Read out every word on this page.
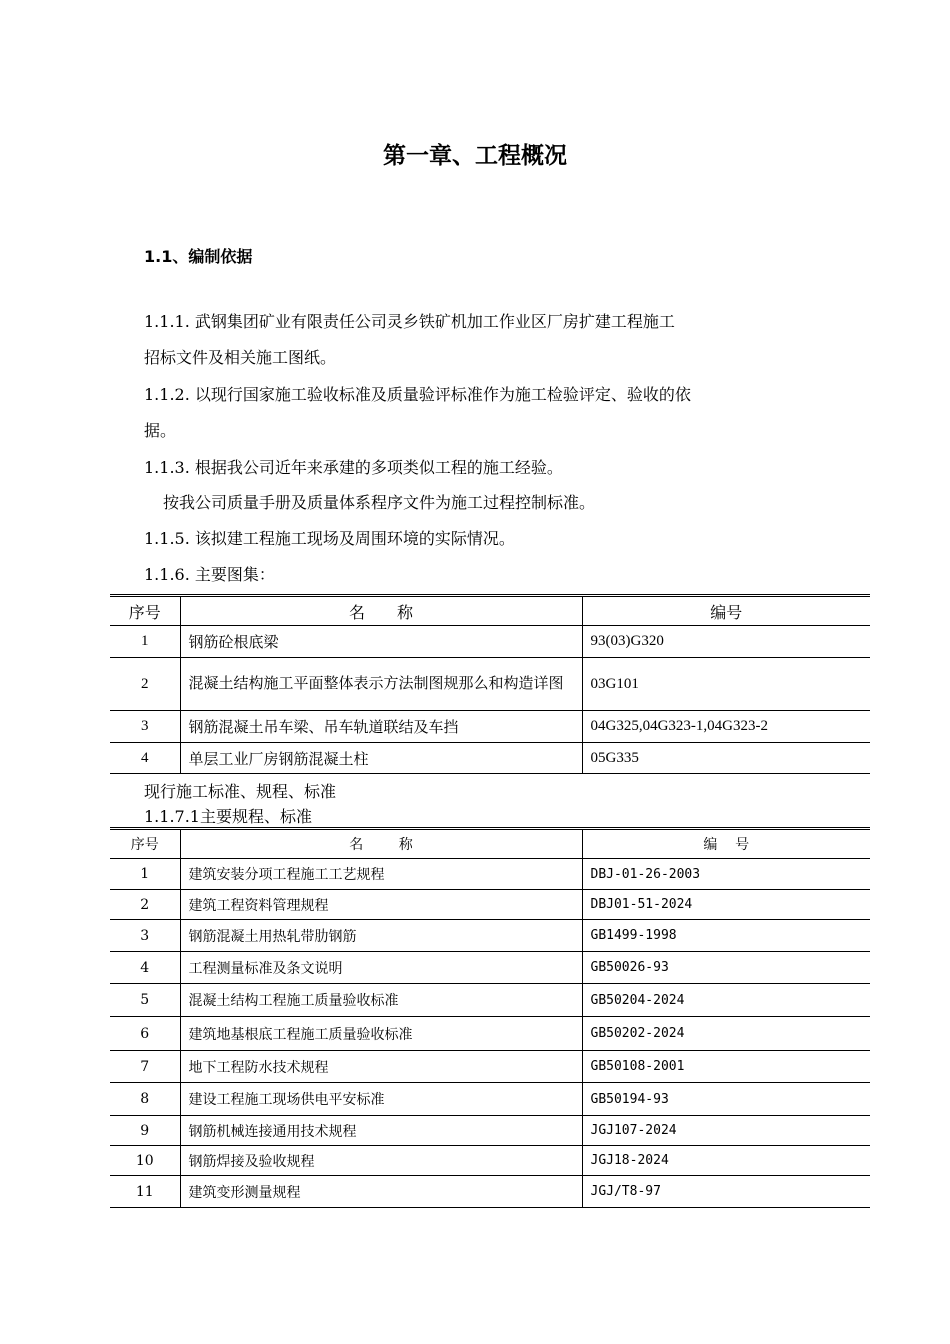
第一章、工程概况
1.1、编制依据
1.1.1. 武钢集团矿业有限责任公司灵乡铁矿机加工作业区厂房扩建工程施工
招标文件及相关施工图纸。
1.1.2. 以现行国家施工验收标准及质量验评标准作为施工检验评定、验收的依
据。
1.1.3. 根据我公司近年来承建的多项类似工程的施工经验。
按我公司质量手册及质量体系程序文件为施工过程控制标准。
1.1.5. 该拟建工程施工现场及周围环境的实际情况。
1.1.6. 主要图集：
序号	名        称	编号
1	钢筋砼根底梁	93(03)G320
2	混凝土结构施工平面整体表示方法制图规那么和构造详图	03G101
3	钢筋混凝土吊车梁、吊车轨道联结及车挡	04G325,04G323-1,04G323-2
4	单层工业厂房钢筋混凝土柱	05G335
现行施工标准、规程、标准
1.1.7.1主要规程、标准
序号	名        称	编    号
1	建筑安装分项工程施工工艺规程	DBJ-01-26-2003
2	建筑工程资料管理规程	DBJ01-51-2024
3	钢筋混凝土用热轧带肋钢筋	GB1499-1998
4	工程测量标准及条文说明	GB50026-93
5	混凝土结构工程施工质量验收标准	GB50204-2024
6	建筑地基根底工程施工质量验收标准	GB50202-2024
7	地下工程防水技术规程	GB50108-2001
8	建设工程施工现场供电平安标准	GB50194-93
9	钢筋机械连接通用技术规程	JGJ107-2024
10	钢筋焊接及验收规程	JGJ18-2024
11	建筑变形测量规程	JGJ/T8-97
